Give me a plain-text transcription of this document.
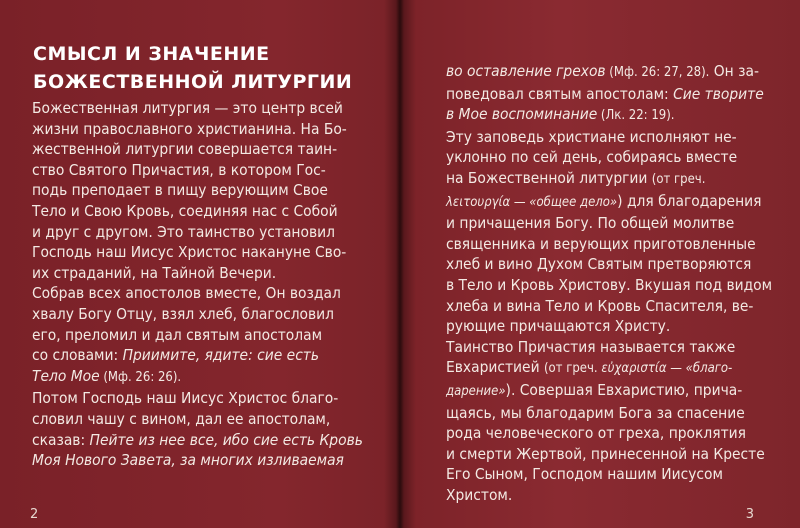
СМЫСЛ И ЗНАЧЕНИЕ
БОЖЕСТВЕННОЙ ЛИТУРГИИ
Божественная литургия — это центр всей
жизни православного христианина. На Бо-
жественной литургии совершается таин-
ство Святого Причастия, в котором Гос-
подь преподает в пищу верующим Свое
Тело и Свою Кровь, соединяя нас с Собой
и друг с другом. Это таинство установил
Господь наш Иисус Христос накануне Сво-
их страданий, на Тайной Вечери.
Собрав всех апостолов вместе, Он воздал
хвалу Богу Отцу, взял хлеб, благословил
его, преломил и дал святым апостолам
со словами: Приимите, ядите: сие есть
Тело Мое (Мф. 26: 26).
Потом Господь наш Иисус Христос благо-
словил чашу с вином, дал ее апостолам,
сказав: Пейте из нее все, ибо сие есть Кровь
Моя Нового Завета, за многих изливаемая
2
во оставление грехов (Мф. 26: 27, 28). Он за-
поведовал святым апостолам: Сие творите
в Мое воспоминание (Лк. 22: 19).
Эту заповедь христиане исполняют не-
уклонно по сей день, собираясь вместе
на Божественной литургии (от греч.
λειτουργία — «общее дело») для благодарения
и причащения Богу. По общей молитве
священника и верующих приготовленные
хлеб и вино Духом Святым претворяются
в Тело и Кровь Христову. Вкушая под видом
хлеба и вина Тело и Кровь Спасителя, ве-
рующие причащаются Христу.
Таинство Причастия называется также
Евхаристией (от греч. εὐχαριστία — «благо-
дарение»). Совершая Евхаристию, прича-
щаясь, мы благодарим Бога за спасение
рода человеческого от греха, проклятия
и смерти Жертвой, принесенной на Кресте
Его Сыном, Господом нашим Иисусом
Христом.
3
